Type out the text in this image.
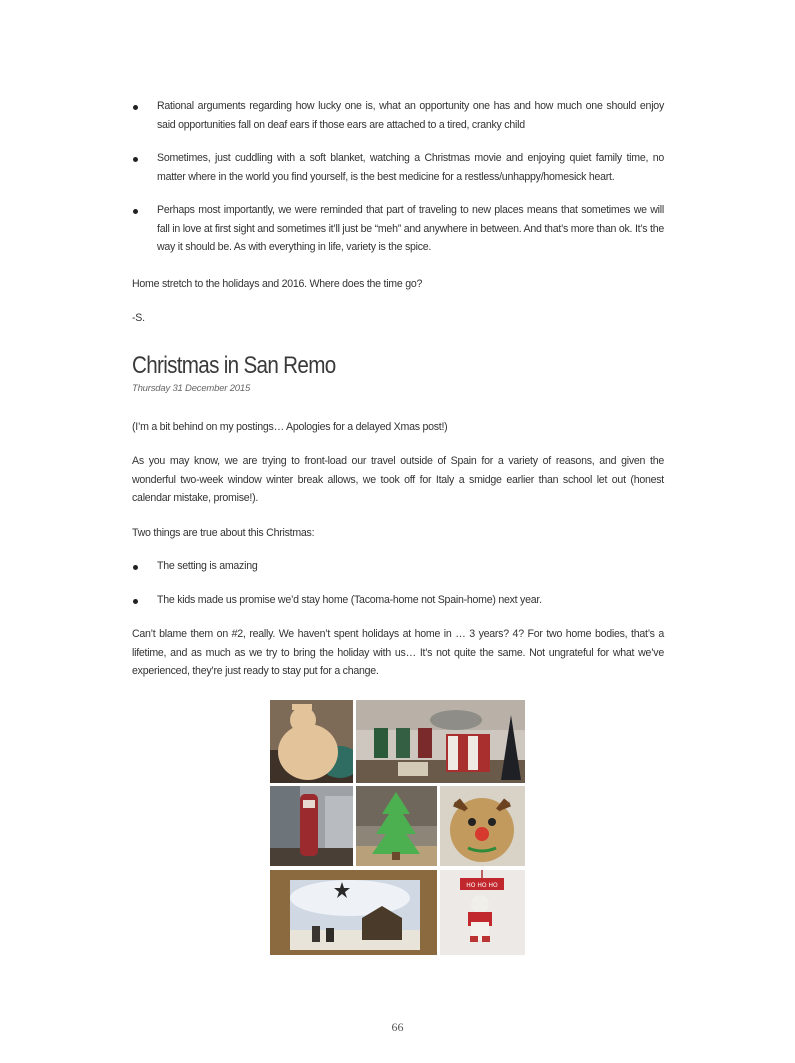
Rational arguments regarding how lucky one is, what an opportunity one has and how much one should enjoy said opportunities fall on deaf ears if those ears are attached to a tired, cranky child
Sometimes, just cuddling with a soft blanket, watching a Christmas movie and enjoying quiet family time, no matter where in the world you find yourself, is the best medicine for a restless/unhappy/homesick heart.
Perhaps most importantly, we were reminded that part of traveling to new places means that sometimes we will fall in love at first sight and sometimes it’ll just be “meh” and anywhere in between. And that’s more than ok. It’s the way it should be. As with everything in life, variety is the spice.

Home stretch to the holidays and 2016. Where does the time go?

-S.

Christmas in San Remo

Thursday 31 December 2015

(I’m a bit behind on my postings… Apologies for a delayed Xmas post!)

As you may know, we are trying to front-load our travel outside of Spain for a variety of reasons, and given the wonderful two-week window winter break allows, we took off for Italy a smidge earlier than school let out (honest calendar mistake, promise!).

Two things are true about this Christmas:

The setting is amazing
The kids made us promise we’d stay home (Tacoma-home not Spain-home) next year.

Can’t blame them on #2, really. We haven’t spent holidays at home in … 3 years? 4? For two home bodies, that’s a lifetime, and as much as we try to bring the holiday with us… It’s not quite the same. Not ungrateful for what we’ve experienced, they’re just ready to stay put for a change.

HO HO HO
66
